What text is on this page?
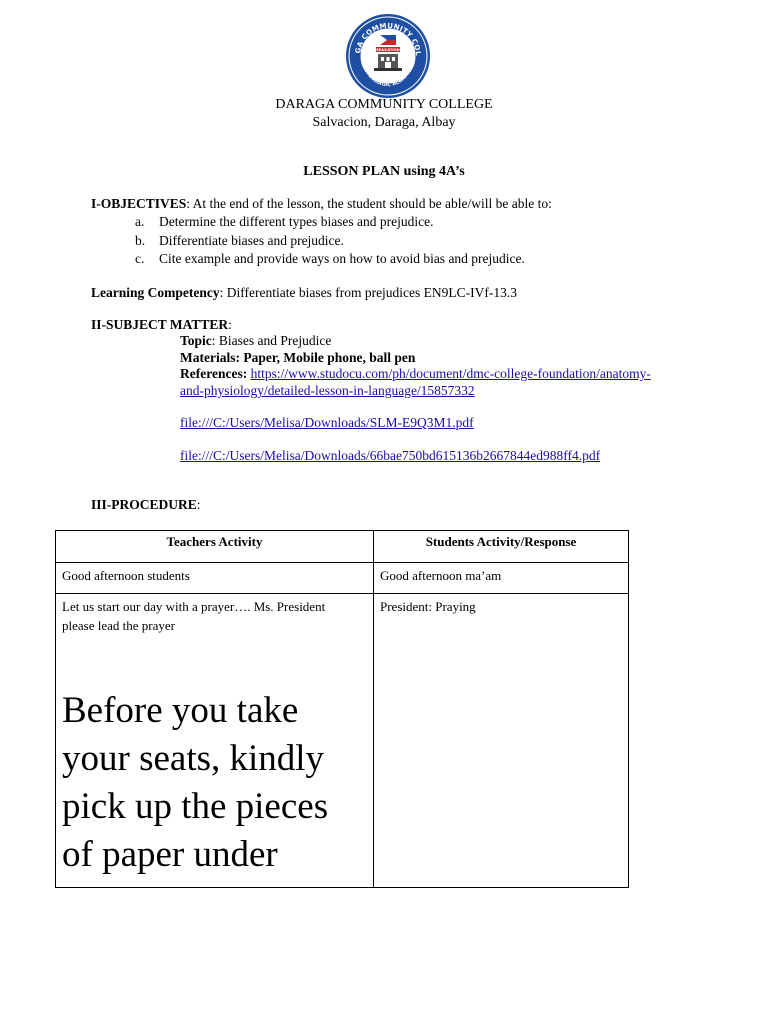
GA COMMUNITY COL
DARAGA, ALBAY
EDUCATION
DARAGA COMMUNITY COLLEGE
Salvacion, Daraga, Albay
LESSON PLAN using 4A’s
I-OBJECTIVES: At the end of the lesson, the student should be able/will be able to:
a. Determine the different types biases and prejudice.
b. Differentiate biases and prejudice.
c. Cite example and provide ways on how to avoid bias and prejudice.
Learning Competency: Differentiate biases from prejudices EN9LC-IVf-13.3
II-SUBJECT MATTER:
Topic: Biases and Prejudice
Materials: Paper, Mobile phone, ball pen
References: https://www.studocu.com/ph/document/dmc-college-foundation/anatomy-
and-physiology/detailed-lesson-in-language/15857332
file:///C:/Users/Melisa/Downloads/SLM-E9Q3M1.pdf
file:///C:/Users/Melisa/Downloads/66bae750bd615136b2667844ed988ff4.pdf
III-PROCEDURE:
Teachers Activity	Students Activity/Response

Good afternoon students	Good afternoon ma’am

Let us start our day with a prayer…. Ms. President
please lead the prayer
Before you take your seats, kindly pick up the pieces of paper under	President: Praying
